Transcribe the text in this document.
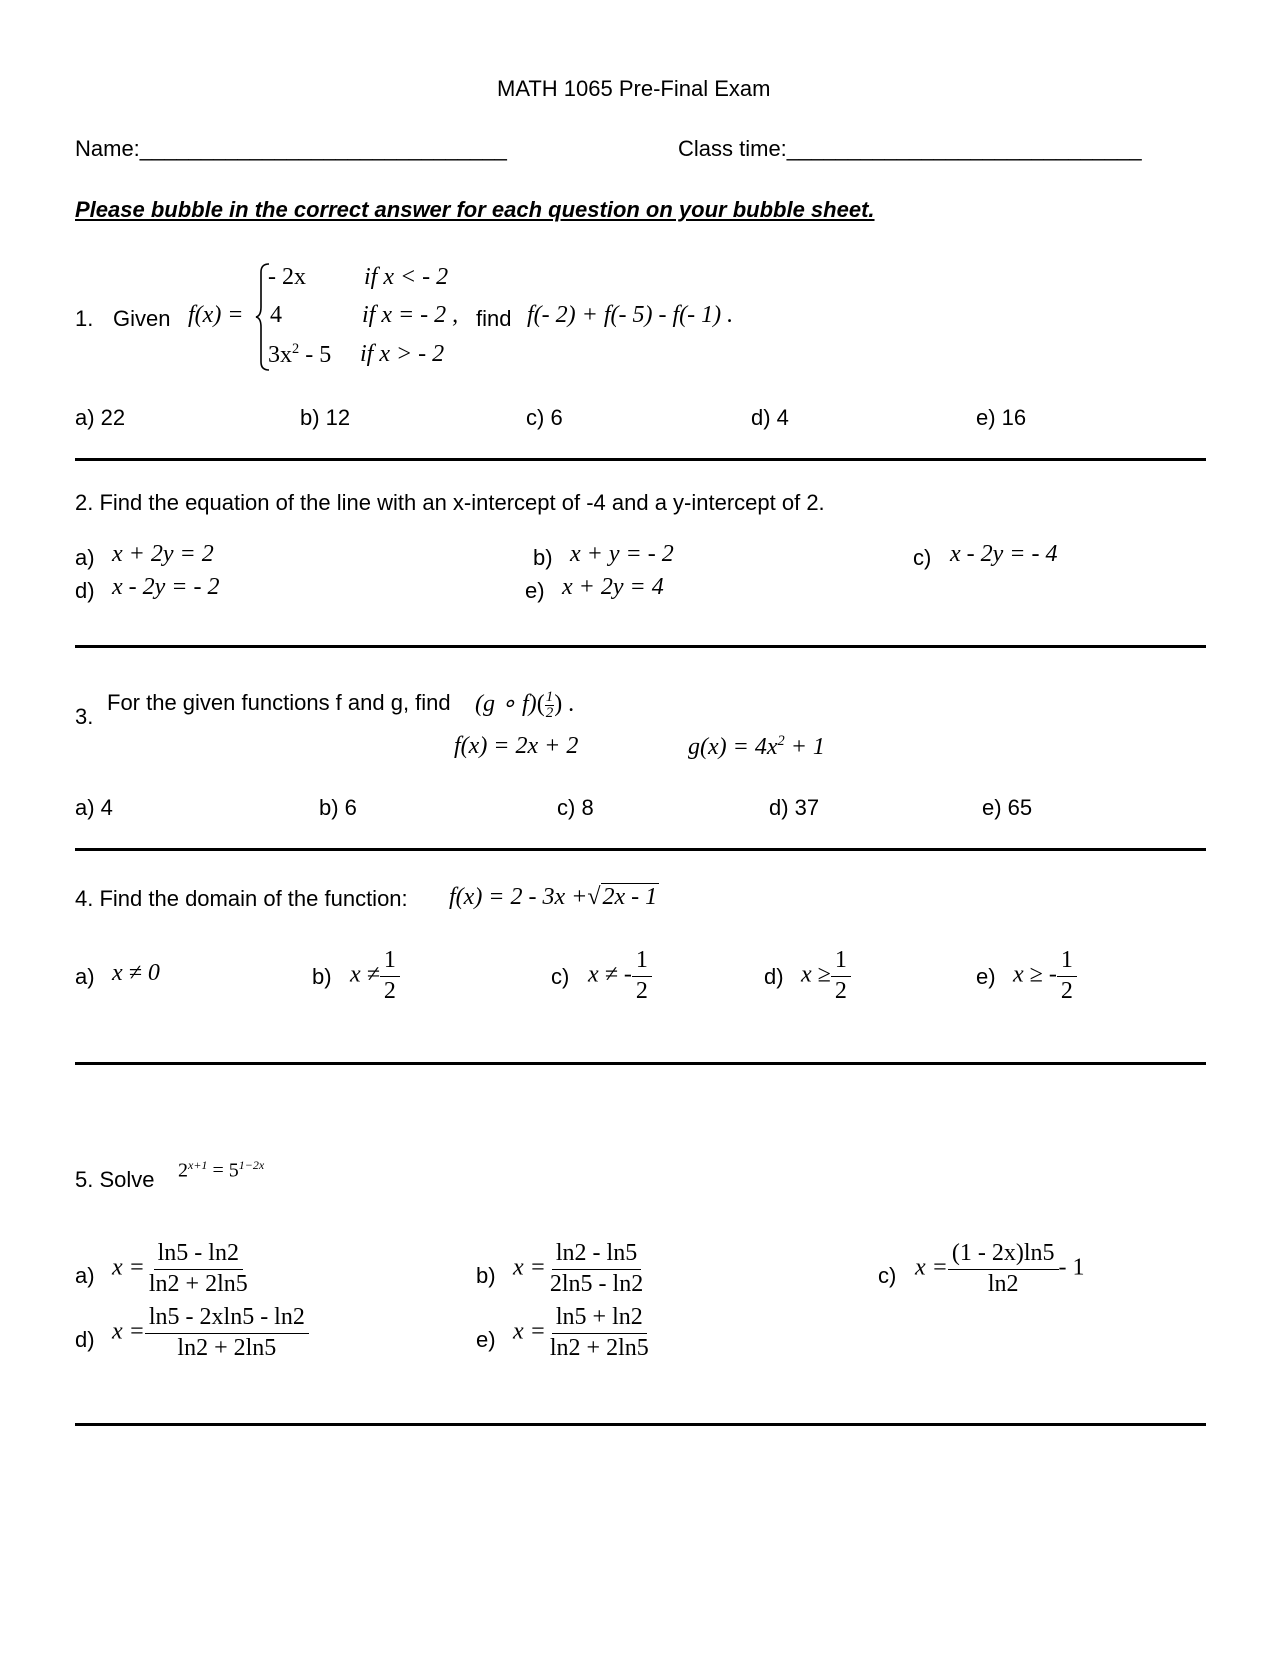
MATH 1065 Pre-Final Exam
Name:______________________________	Class time:_____________________________
Please bubble in the correct answer for each question on your bubble sheet.
1. Given f(x) =
- 2x if x < - 2
4	if x = - 2 ,
$3x^2 - 5$ if x > - 2
find f(- 2) + f(- 5) - f(- 1) .
a) 22	b) 12	c) 6	d) 4	e) 16
2. Find the equation of the line with an x-intercept of -4 and a y-intercept of 2.
a) x + 2y = 2	b) x + y = - 2	c) x - 2y = - 4
d) x - 2y = - 2	e) x + 2y = 4
3.
For the given functions f and g, find (g ∘ $f)( \frac{1}{2}$ ) .
f(x) = 2x + 2	$g(x) = 4x^2 + 1$
a) 4	b) 6	c) 8	d) 37	e) 65
4. Find the domain of the function: f(x) = 2 - 3x +√2x - 1
a) x ≠ 0	b) $x \ne \frac{1}{2}$	c) x ≠ - $\frac{1}{2}$	d) $x \ge \frac{1}{2}$	e) x ≥ - $\frac{1}{2}$
5. Solve $2^{x+1} = 5^{1-2x}$
a) $x = \frac{\ln 5 - \ln 2}{\ln 2 + 2\ln 5}$	b) $x = \frac{\ln 2 - \ln 5}{2\ln 5 - \ln 2}$	c) $x = \frac{(1 - 2x)\ln 5}{\ln 2} - 1$
d) $x = \frac{\ln 5 - 2xln5 - \ln 2}{\ln 2 + 2\ln 5}$	e) $x = \frac{\ln 5 + \ln 2}{\ln 2 + 2\ln 5}$
